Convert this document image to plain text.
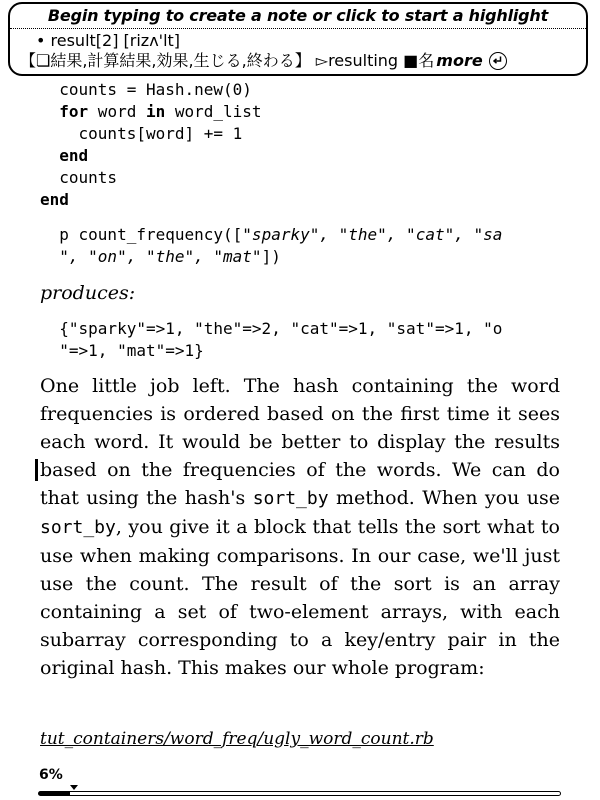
Begin typing to create a note or click to start a highlight
• result[2] [rizʌ'lt]
【❏結果,計算結果,効果,生じる,終わる】 ▻resulting ■名 more
counts = Hash.new(0)
for word in word_list
counts[word] += 1
end
counts
end
p count_frequency(["sparky", "the", "cat", "sa
", "on", "the", "mat"])
produces:
{"sparky"=>1, "the"=>2, "cat"=>1, "sat"=>1, "o
"=>1, "mat"=>1}
One little job left. The hash containing the word frequencies is ordered based on the first time it sees each word. It would be better to display the results based on the frequencies of the words. We can do that using the hash's sort_by method. When you use sort_by, you give it a block that tells the sort what to use when making comparisons. In our case, we'll just use the count. The result of the sort is an array containing a set of two-element arrays, with each subarray corresponding to a key/entry pair in the original hash. This makes our whole program:
tut_containers/word_freq/ugly_word_count.rb
6%
